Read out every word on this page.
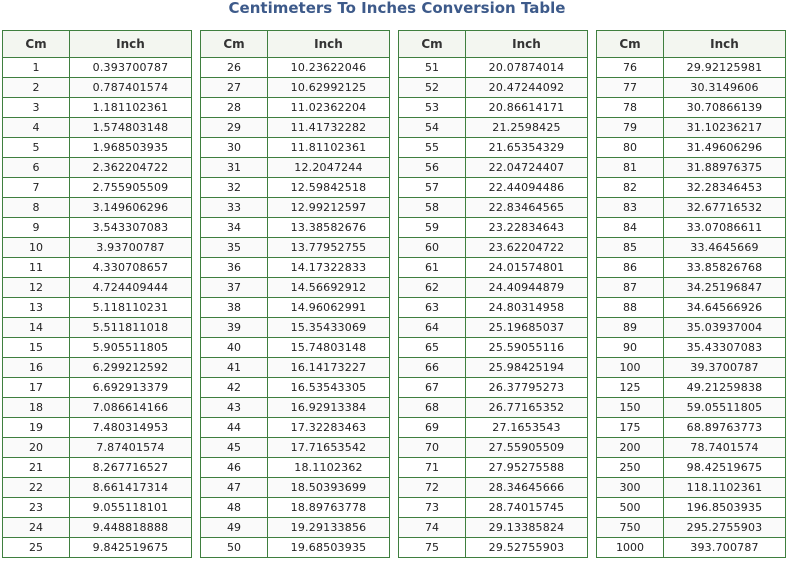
Centimeters To Inches Conversion Table
Cm	Inch
1	0.393700787
2	0.787401574
3	1.181102361
4	1.574803148
5	1.968503935
6	2.362204722
7	2.755905509
8	3.149606296
9	3.543307083
10	3.93700787
11	4.330708657
12	4.724409444
13	5.118110231
14	5.511811018
15	5.905511805
16	6.299212592
17	6.692913379
18	7.086614166
19	7.480314953
20	7.87401574
21	8.267716527
22	8.661417314
23	9.055118101
24	9.448818888
25	9.842519675
Cm	Inch
26	10.23622046
27	10.62992125
28	11.02362204
29	11.41732282
30	11.81102361
31	12.2047244
32	12.59842518
33	12.99212597
34	13.38582676
35	13.77952755
36	14.17322833
37	14.56692912
38	14.96062991
39	15.35433069
40	15.74803148
41	16.14173227
42	16.53543305
43	16.92913384
44	17.32283463
45	17.71653542
46	18.1102362
47	18.50393699
48	18.89763778
49	19.29133856
50	19.68503935
Cm	Inch
51	20.07874014
52	20.47244092
53	20.86614171
54	21.2598425
55	21.65354329
56	22.04724407
57	22.44094486
58	22.83464565
59	23.22834643
60	23.62204722
61	24.01574801
62	24.40944879
63	24.80314958
64	25.19685037
65	25.59055116
66	25.98425194
67	26.37795273
68	26.77165352
69	27.1653543
70	27.55905509
71	27.95275588
72	28.34645666
73	28.74015745
74	29.13385824
75	29.52755903
Cm	Inch
76	29.92125981
77	30.3149606
78	30.70866139
79	31.10236217
80	31.49606296
81	31.88976375
82	32.28346453
83	32.67716532
84	33.07086611
85	33.4645669
86	33.85826768
87	34.25196847
88	34.64566926
89	35.03937004
90	35.43307083
100	39.3700787
125	49.21259838
150	59.05511805
175	68.89763773
200	78.7401574
250	98.42519675
300	118.1102361
500	196.8503935
750	295.2755903
1000	393.700787
